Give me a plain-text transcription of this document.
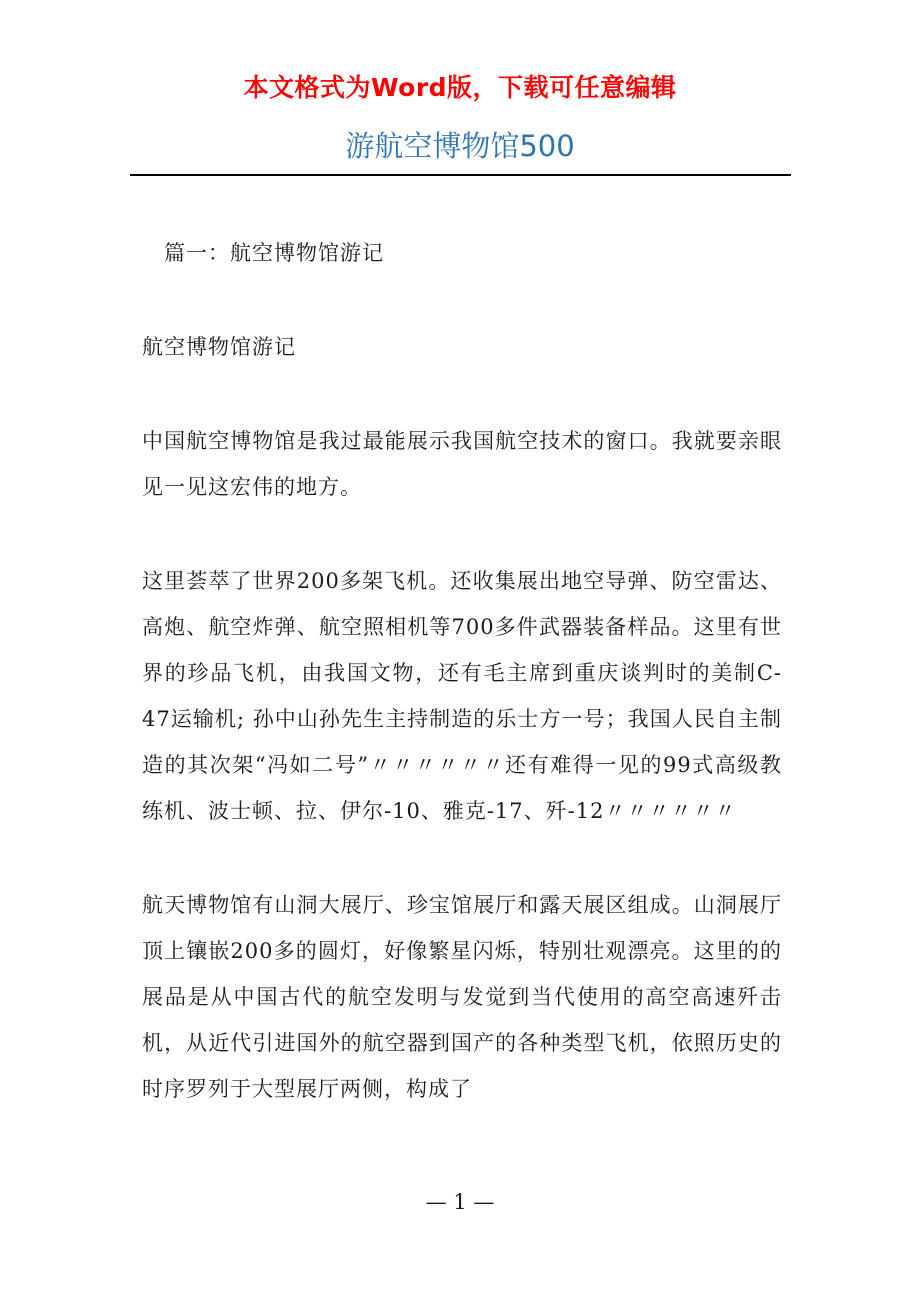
本文格式为Word版，下载可任意编辑
游航空博物馆500

篇一：航空博物馆游记

航空博物馆游记

中国航空博物馆是我过最能展示我国航空技术的窗口。我就要亲眼见一见这宏伟的地方。

这里荟萃了世界200多架飞机。还收集展出地空导弹、防空雷达、高炮、航空炸弹、航空照相机等700多件武器装备样品。这里有世界的珍品飞机，由我国文物，还有毛主席到重庆谈判时的美制C-47运输机; 孙中山孙先生主持制造的乐士方一号；我国人民自主制造的其次架“冯如二号”〃〃〃〃〃〃还有难得一见的99式高级教练机、波士顿、拉、伊尔-10、雅克-17、歼-12〃〃〃〃〃〃

航天博物馆有山洞大展厅、珍宝馆展厅和露天展区组成。山洞展厅顶上镶嵌200多的圆灯，好像繁星闪烁，特别壮观漂亮。这里的的展品是从中国古代的航空发明与发觉到当代使用的高空高速歼击机，从近代引进国外的航空器到国产的各种类型飞机，依照历史的时序罗列于大型展厅两侧，构成了

— 1 —
